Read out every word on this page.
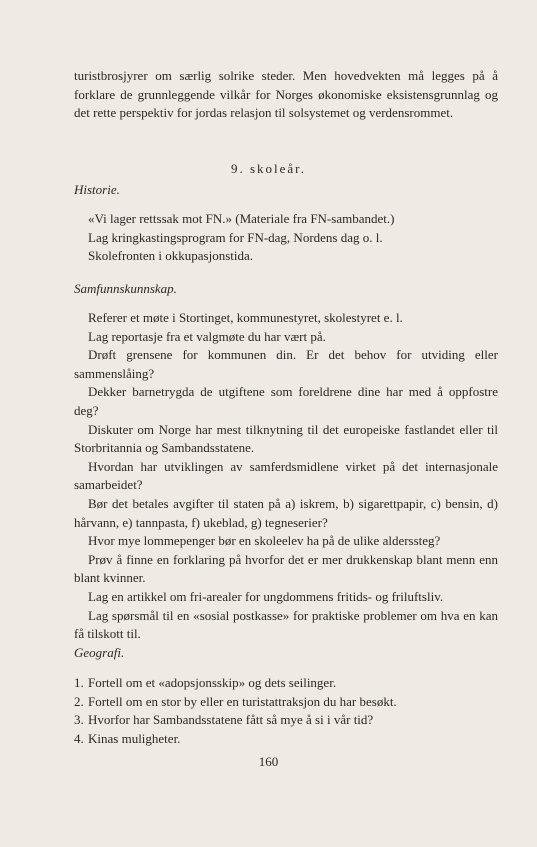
turistbrosjyrer om særlig solrike steder. Men hovedvekten må legges på å forklare de grunnleggende vilkår for Norges økonomiske eksistensgrunnlag og det rette perspektiv for jordas relasjon til solsystemet og verdensrommet.

9. skoleår.

Historie.

«Vi lager rettssak mot FN.» (Materiale fra FN-sambandet.)

Lag kringkastingsprogram for FN-dag, Nordens dag o. l.

Skolefronten i okkupasjonstida.

Samfunnskunnskap.

Referer et møte i Stortinget, kommunestyret, skolestyret e. l.

Lag reportasje fra et valgmøte du har vært på.

Drøft grensene for kommunen din. Er det behov for utviding eller sammenslåing?

Dekker barnetrygda de utgiftene som foreldrene dine har med å oppfostre deg?

Diskuter om Norge har mest tilknytning til det europeiske fastlandet eller til Storbritannia og Sambandsstatene.

Hvordan har utviklingen av samferdsmidlene virket på det internasjonale samarbeidet?

Bør det betales avgifter til staten på a) iskrem, b) sigarettpapir, c) bensin, d) hårvann, e) tannpasta, f) ukeblad, g) tegneserier?

Hvor mye lommepenger bør en skoleelev ha på de ulike alderssteg?

Prøv å finne en forklaring på hvorfor det er mer drukkenskap blant menn enn blant kvinner.

Lag en artikkel om fri-arealer for ungdommens fritids- og friluftsliv.

Lag spørsmål til en «sosial postkasse» for praktiske problemer om hva en kan få tilskott til.

Geografi.

1. Fortell om et «adopsjonsskip» og dets seilinger.

2. Fortell om en stor by eller en turistattraksjon du har besøkt.

3. Hvorfor har Sambandsstatene fått så mye å si i vår tid?

4. Kinas muligheter.

160
